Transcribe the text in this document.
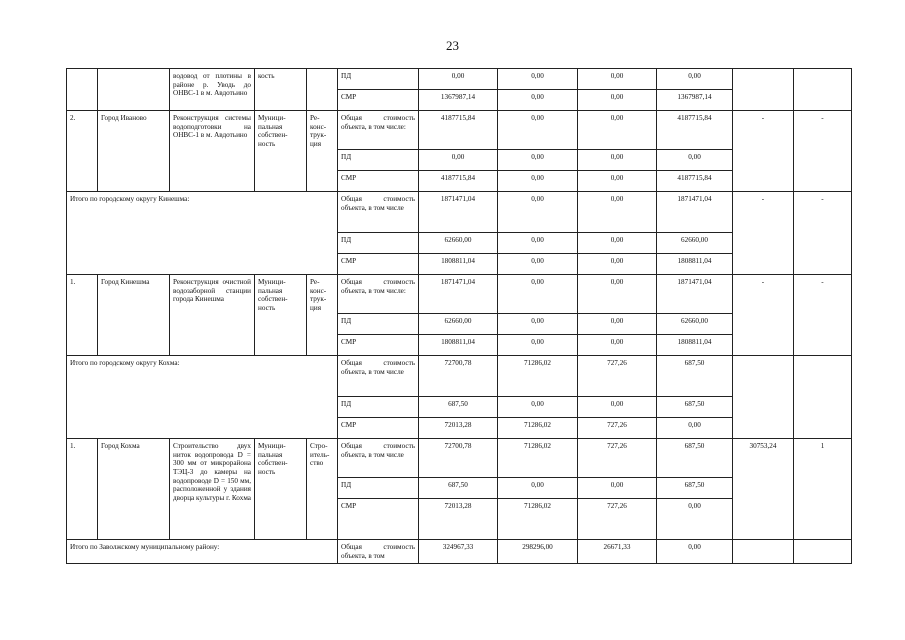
23
		водовод от плотины в районе р. Уводь до ОНВС-1 в м. Авдотьино	кость		ПД	0,00	0,00	0,00	0,00		
					СМР	1367987,14	0,00	0,00	1367987,14		
2.	Город Иваново	Реконструкция системы водоподготовки на ОНВС-1 в м. Авдотьино	Муници-пальная собствен-ность	Ре-конс-трук-ция	Общая стоимость объекта, в том числе:	4187715,84	0,00	0,00	4187715,84	-	-
					ПД	0,00	0,00	0,00	0,00		
					СМР	4187715,84	0,00	0,00	4187715,84		
Итого по городскому округу Кинешма:					Общая стоимость объекта, в том числе	1871471,04	0,00	0,00	1871471,04	-	-
					ПД	62660,00	0,00	0,00	62660,00		
					СМР	1808811,04	0,00	0,00	1808811,04		
1.	Город Кинешма	Реконструкция очистной водозаборной станции города Кинешма	Муници-пальная собствен-ность	Ре-конс-трук-ция	Общая стоимость объекта, в том числе:	1871471,04	0,00	0,00	1871471,04	-	-
					ПД	62660,00	0,00	0,00	62660,00		
					СМР	1808811,04	0,00	0,00	1808811,04		
Итого по городскому округу Кохма:					Общая стоимость объекта, в том числе	72700,78	71286,02	727,26	687,50		
					ПД	687,50	0,00	0,00	687,50		
					СМР	72013,28	71286,02	727,26	0,00		
1.	Город Кохма	Строительство двух ниток водопровода D = 300 мм от микрорайона ТЭЦ-3 до камеры на водопроводе D = 150 мм, расположенной у здания дворца культуры г. Кохма	Муници-пальная собствен-ность	Стро-итель-ство	Общая стоимость объекта, в том числе	72700,78	71286,02	727,26	687,50	30753,24	1
					ПД	687,50	0,00	0,00	687,50		
					СМР	72013,28	71286,02	727,26	0,00		
Итого по Заволжскому муниципальному району:					Общая стоимость объекта, в том	324967,33	298296,00	26671,33	0,00		
